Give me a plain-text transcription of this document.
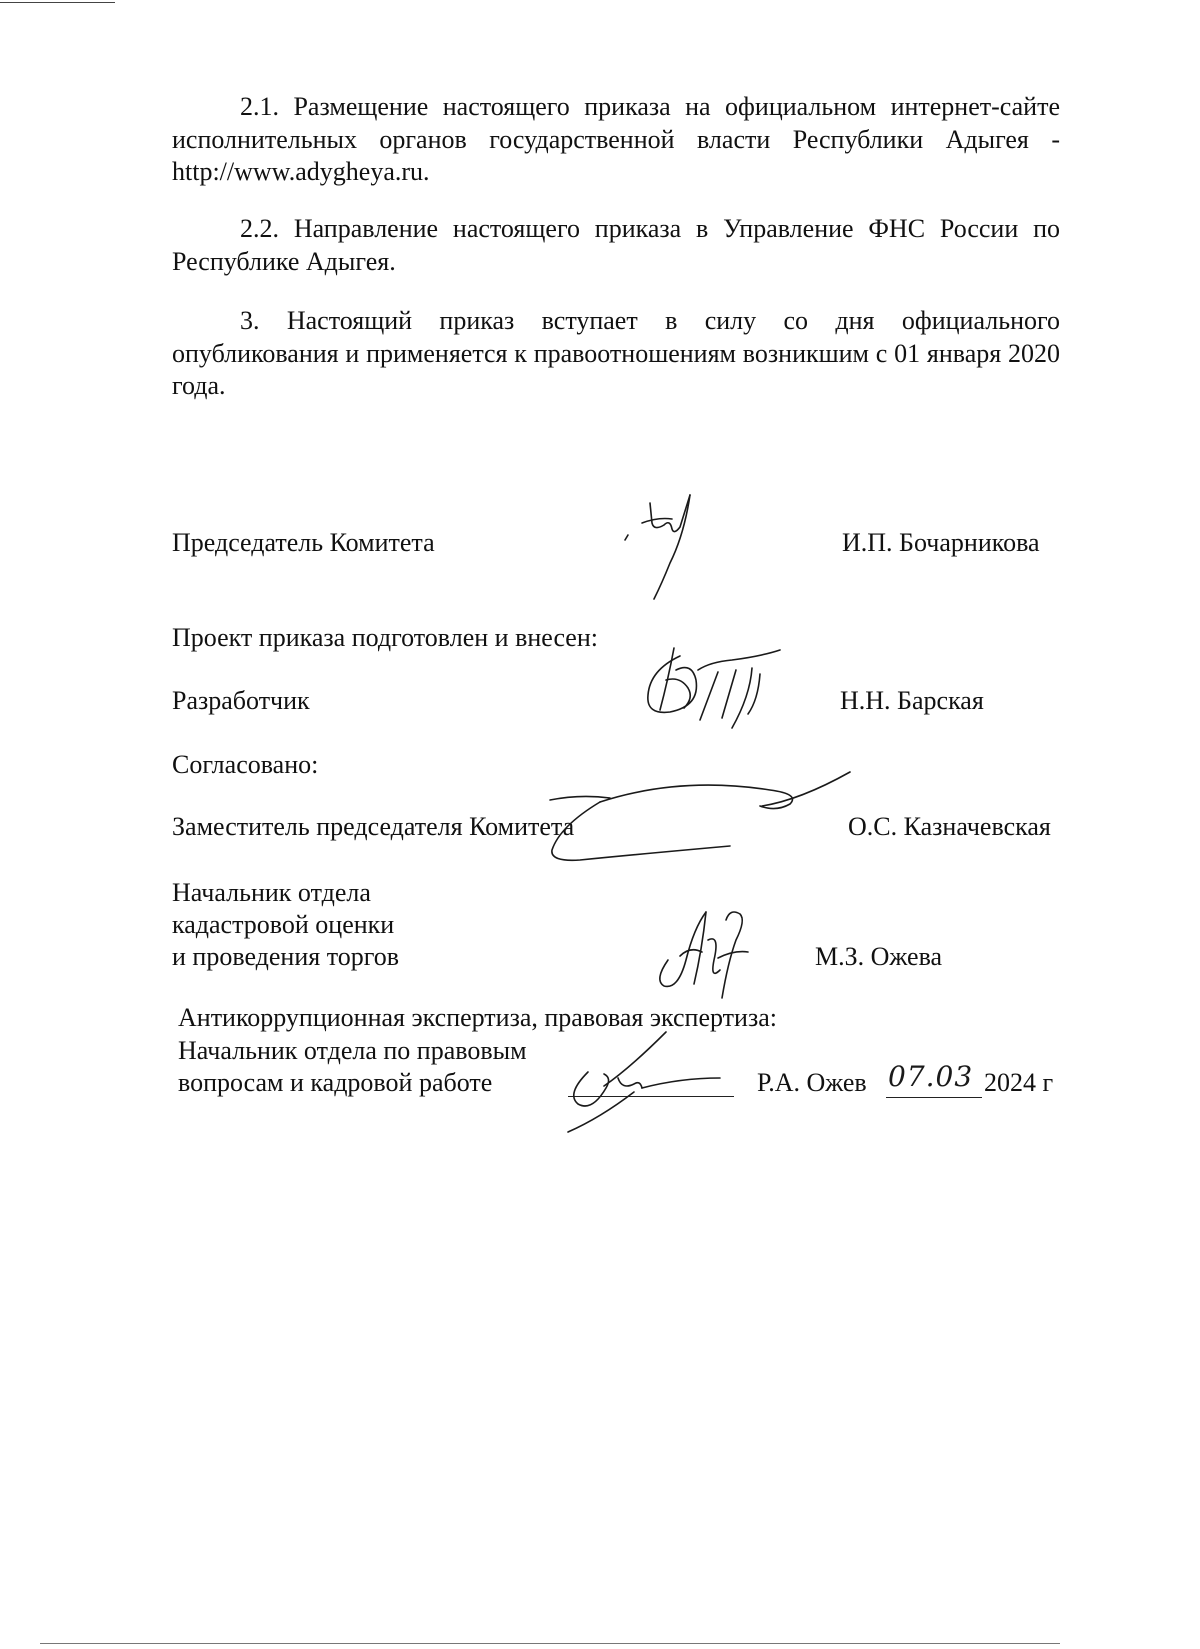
2.1. Размещение настоящего приказа на официальном интернет-сайте исполнительных органов государственной власти Республики Адыгея - http://www.adygheya.ru.

2.2. Направление настоящего приказа в Управление ФНС России по Республике Адыгея.

3. Настоящий приказ вступает в силу со дня официального опубликования и применяется к правоотношениям возникшим с 01 января 2020 года.

Председатель Комитета	И.П. Бочарникова
Проект приказа подготовлен и внесен:
Разработчик	Н.Н. Барская
Согласовано:
Заместитель председателя Комитета	О.С. Казначевская
Начальник отдела
кадастровой оценки
и проведения торгов	М.З. Ожева
Антикоррупционная экспертиза, правовая экспертиза:
Начальник отдела по правовым
вопросам и кадровой работе	Р.А. Ожев 07.03 2024 г
